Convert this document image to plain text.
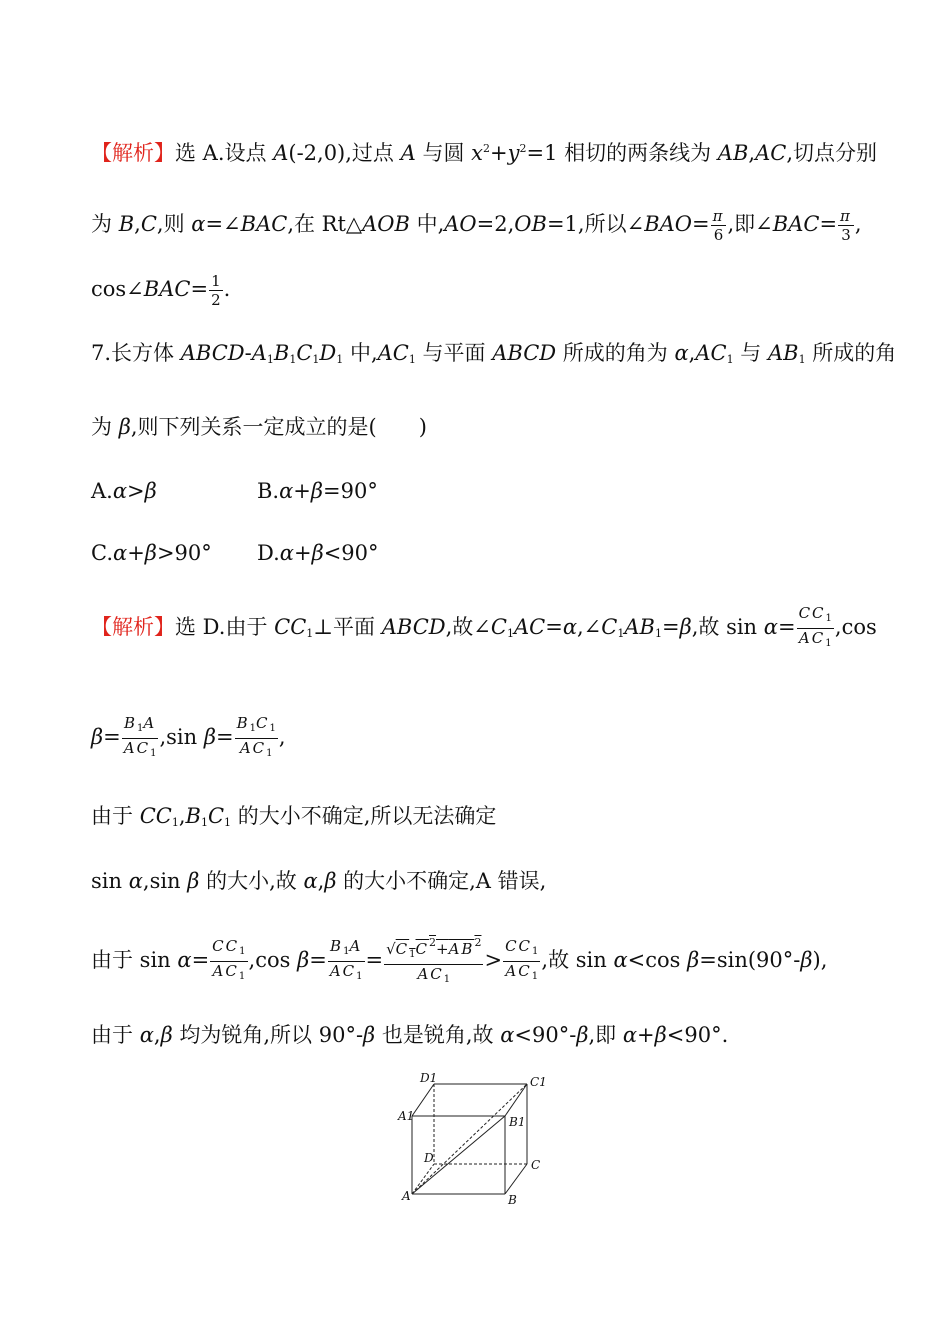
【解析】选 A.设点 A(-2,0),过点 A 与圆 $x^2+y^2=1$ 相切的两条线为 AB,AC,切点分别
为 B,C,则 α=∠BAC,在 Rt△AOB 中,AO=2,OB=1,所以∠BAO= $\frac{\pi}{6}$ ,即∠BAC= $\frac{\pi}{3}$ ,
cos∠BAC= $\frac{1}{2}$ .
7.长方体 ABCD-$A_1B_1C_1D_1$ 中$,AC_1$ 与平面 ABCD 所成的角为 $\alpha,AC_1$ 与 $AB_1$ 所成的角
为 β,则下列关系一定成立的是(　　)
A.α>β	B.α+β=90°
C.α+β>90° D.α+β<90°
【解析】选 D.由于 $CC_1\perp$平面 ABCD,故$\angle C_1AC=\alpha,\angle C_1AB_1=\beta$,故 $\sin \alpha= \frac{CC_1}{AC_1} ,\cos$
$\beta= \frac{B_1A}{AC_1} ,\sin$ $\beta= \frac{B_1C_1}{AC_1}$ ,
由于 $CC_1,B_1C_1$ 的大小不确定,所以无法确定
sin α,sin β 的大小,故 α,β 的大小不确定,A 错误,
由于 $\sin \alpha= \frac{CC_1}{AC_1} ,\cos$ $\beta= \frac{B_1A}{AC_1} = \frac{√C_1C^2+AB^2}{AC_1} > \frac{CC_1}{AC_1}$ ,故 sin α<cos β=sin(90°-β),
由于 α,β 均为锐角,所以 90°-β 也是锐角,故 α<90°-β,即 α+β<90°.
A	B
C
D
A1	B1
C1
D1
